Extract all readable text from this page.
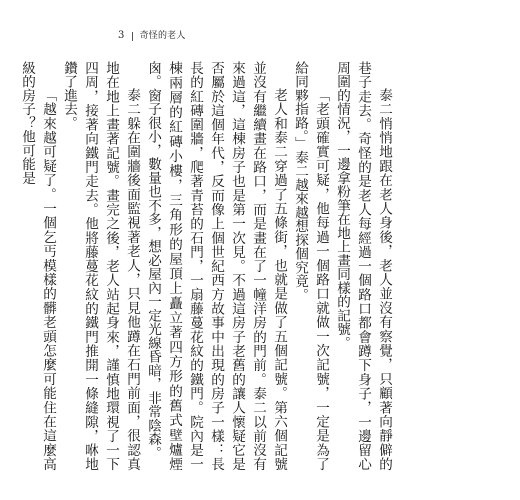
3 奇怪的老人

泰二悄悄地跟在老人身後，老人並沒有察覺，只顧著向靜僻的巷子走去。奇怪的是老人每經過一個路口都會蹲下身子，一邊留心周圍的情況，一邊拿粉筆在地上畫同樣的記號。

「老頭確實可疑，他每過一個路口就做一次記號，一定是為了給同夥指路。」泰二越來越想探個究竟。

老人和泰二穿過了五條街，也就是做了五個記號。第六個記號並沒有繼續畫在路口，而是畫在了一幢洋房的門前。泰二以前沒有來過這，這棟房子也是第一次見。不過這房子老舊的讓人懷疑它是否屬於這個年代，反而像上個世紀西方故事中出現的房子一樣：長長的紅磚圍牆，爬著青苔的石門，一扇藤蔓花紋的鐵門。院內是一棟兩層的紅磚小樓，三角形的屋頂上矗立著四方形的舊式壁爐煙囪。窗子很小，數量也不多，想必屋內一定光線昏暗，非常陰森。

泰二躲在圍牆後面監視著老人，只見他蹲在石門前面，很認真地在地上畫著記號。畫完之後，老人站起身來，謹慎地環視了一下四周，接著向鐵門走去。他將藤蔓花紋的鐵門推開一條縫隙，咻地鑽了進去。

「越來越可疑了。一個乞丐模樣的髒老頭怎麼可能住在這麼高級的房子？他可能是
